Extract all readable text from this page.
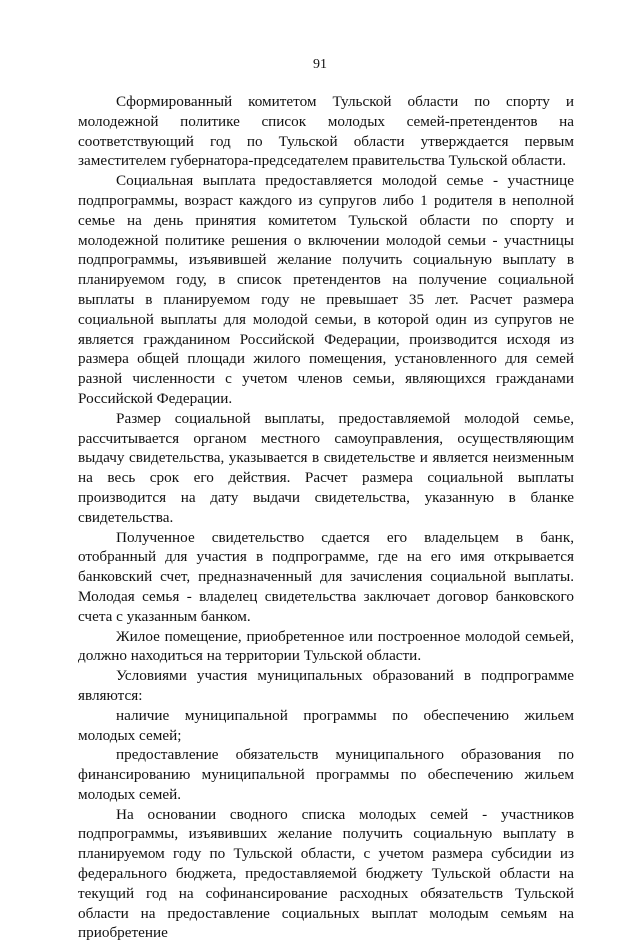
91

Сформированный комитетом Тульской области по спорту и молодежной политике список молодых семей-претендентов на соответствующий год по Тульской области утверждается первым заместителем губернатора-председателем правительства Тульской области.

Социальная выплата предоставляется молодой семье - участнице подпрограммы, возраст каждого из супругов либо 1 родителя в неполной семье на день принятия комитетом Тульской области по спорту и молодежной политике решения о включении молодой семьи - участницы подпрограммы, изъявившей желание получить социальную выплату в планируемом году, в список претендентов на получение социальной выплаты в планируемом году не превышает 35 лет. Расчет размера социальной выплаты для молодой семьи, в которой один из супругов не является гражданином Российской Федерации, производится исходя из размера общей площади жилого помещения, установленного для семей разной численности с учетом членов семьи, являющихся гражданами Российской Федерации.

Размер социальной выплаты, предоставляемой молодой семье, рассчитывается органом местного самоуправления, осуществляющим выдачу свидетельства, указывается в свидетельстве и является неизменным на весь срок его действия. Расчет размера социальной выплаты производится на дату выдачи свидетельства, указанную в бланке свидетельства.

Полученное свидетельство сдается его владельцем в банк, отобранный для участия в подпрограмме, где на его имя открывается банковский счет, предназначенный для зачисления социальной выплаты. Молодая семья - владелец свидетельства заключает договор банковского счета с указанным банком.

Жилое помещение, приобретенное или построенное молодой семьей, должно находиться на территории Тульской области.

Условиями участия муниципальных образований в подпрограмме являются:

наличие муниципальной программы по обеспечению жильем молодых семей;

предоставление обязательств муниципального образования по финансированию муниципальной программы по обеспечению жильем молодых семей.

На основании сводного списка молодых семей - участников подпрограммы, изъявивших желание получить социальную выплату в планируемом году по Тульской области, с учетом размера субсидии из федерального бюджета, предоставляемой бюджету Тульской области на текущий год на софинансирование расходных обязательств Тульской области на предоставление социальных выплат молодым семьям на приобретение
